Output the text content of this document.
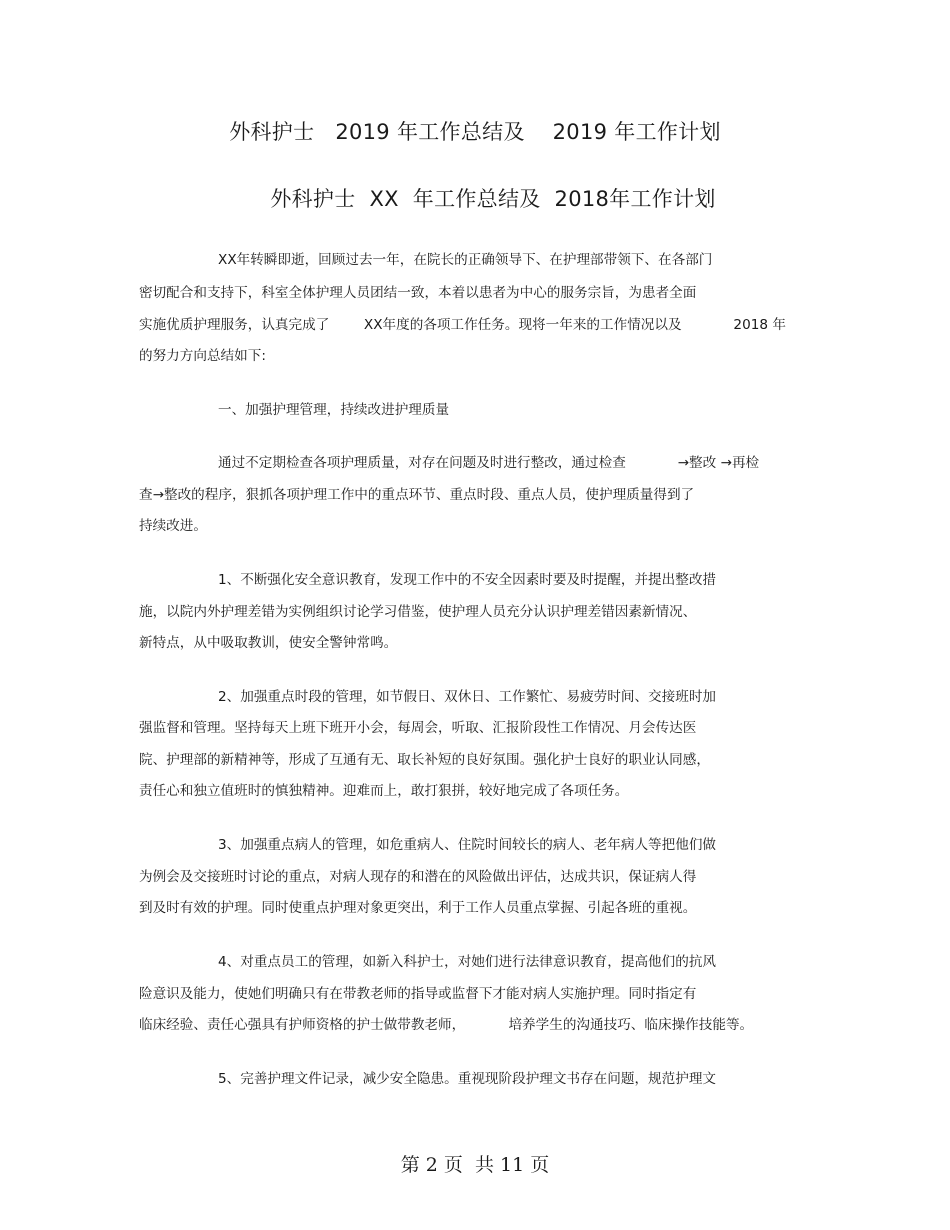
外科护士   2019 年工作总结及    2019 年工作计划
外科护士  XX  年工作总结及  2018年工作计划
XX年转瞬即逝，回顾过去一年，在院长的正确领导下、在护理部带领下、在各部门
密切配合和支持下，科室全体护理人员团结一致，本着以患者为中心的服务宗旨，为患者全面
实施优质护理服务，认真完成了        XX年度的各项工作任务。现将一年来的工作情况以及            2018 年
的努力方向总结如下:
一、加强护理管理，持续改进护理质量
通过不定期检查各项护理质量，对存在问题及时进行整改，通过检查            →整改 →再检
查→整改的程序，狠抓各项护理工作中的重点环节、重点时段、重点人员，使护理质量得到了
持续改进。
1、不断强化安全意识教育，发现工作中的不安全因素时要及时提醒，并提出整改措
施，以院内外护理差错为实例组织讨论学习借鉴，使护理人员充分认识护理差错因素新情况、
新特点，从中吸取教训，使安全警钟常鸣。
2、加强重点时段的管理，如节假日、双休日、工作繁忙、易疲劳时间、交接班时加
强监督和管理。坚持每天上班下班开小会，每周会，听取、汇报阶段性工作情况、月会传达医
院、护理部的新精神等，形成了互通有无、取长补短的良好氛围。强化护士良好的职业认同感，
责任心和独立值班时的慎独精神。迎难而上，敢打狠拼，较好地完成了各项任务。
3、加强重点病人的管理，如危重病人、住院时间较长的病人、老年病人等把他们做
为例会及交接班时讨论的重点，对病人现存的和潜在的风险做出评估，达成共识，保证病人得
到及时有效的护理。同时使重点护理对象更突出，利于工作人员重点掌握、引起各班的重视。
4、对重点员工的管理，如新入科护士，对她们进行法律意识教育，提高他们的抗风
险意识及能力，使她们明确只有在带教老师的指导或监督下才能对病人实施护理。同时指定有
临床经验、责任心强具有护师资格的护士做带教老师，          培养学生的沟通技巧、临床操作技能等。
5、完善护理文件记录，减少安全隐患。重视现阶段护理文书存在问题，规范护理文
第 2 页  共 11 页
